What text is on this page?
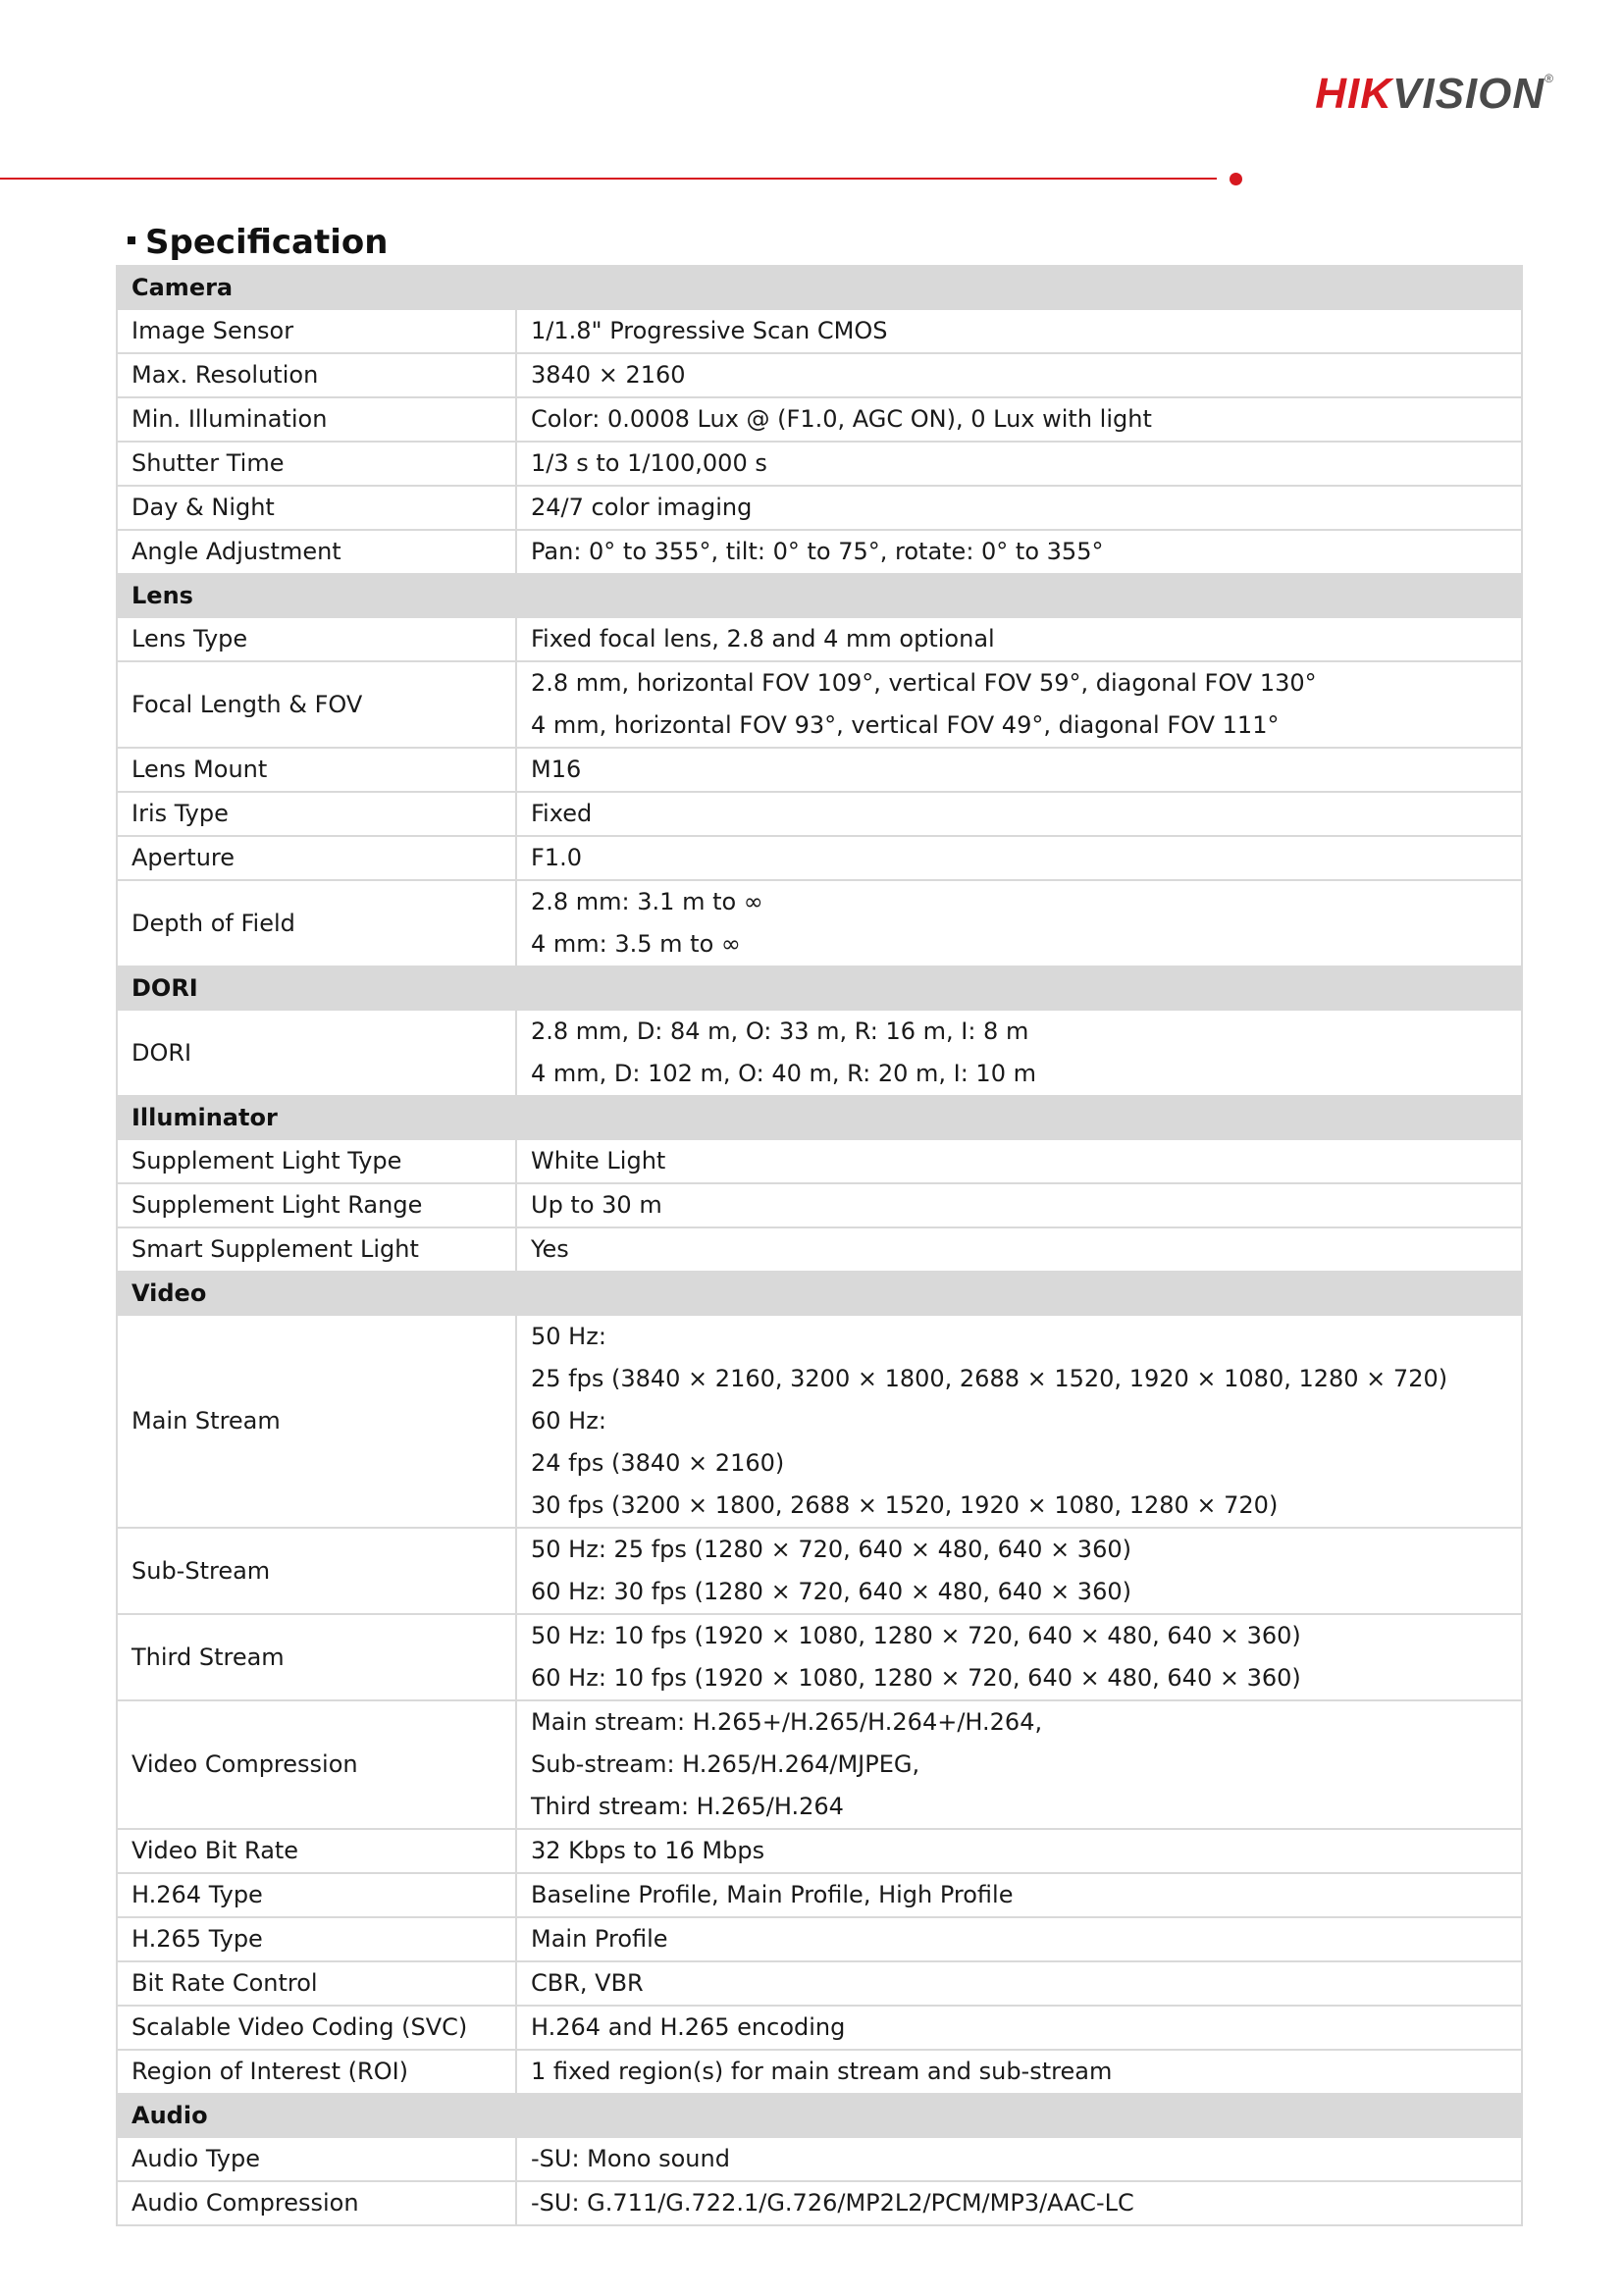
HIKVISION®
Specification
Camera	
Image Sensor	1/1.8" Progressive Scan CMOS

Max. Resolution	3840 × 2160

Min. Illumination	Color: 0.0008 Lux @ (F1.0, AGC ON), 0 Lux with light

Shutter Time	1/3 s to 1/100,000 s

Day & Night	24/7 color imaging

Angle Adjustment	Pan: 0° to 355°, tilt: 0° to 75°, rotate: 0° to 355°

Lens	
Lens Type	Fixed focal lens, 2.8 and 4 mm optional

Focal Length & FOV	2.8 mm, horizontal FOV 109°, vertical FOV 59°, diagonal FOV 130°
4 mm, horizontal FOV 93°, vertical FOV 49°, diagonal FOV 111°

Lens Mount	M16

Iris Type	Fixed

Aperture	F1.0

Depth of Field	2.8 mm: 3.1 m to ∞
4 mm: 3.5 m to ∞

DORI	
DORI	2.8 mm, D: 84 m, O: 33 m, R: 16 m, I: 8 m
4 mm, D: 102 m, O: 40 m, R: 20 m, I: 10 m

Illuminator	
Supplement Light Type	White Light

Supplement Light Range	Up to 30 m

Smart Supplement Light	Yes

Video	
Main Stream	50 Hz:
25 fps (3840 × 2160, 3200 × 1800, 2688 × 1520, 1920 × 1080, 1280 × 720)
60 Hz:
24 fps (3840 × 2160)
30 fps (3200 × 1800, 2688 × 1520, 1920 × 1080, 1280 × 720)

Sub-Stream	50 Hz: 25 fps (1280 × 720, 640 × 480, 640 × 360)
60 Hz: 30 fps (1280 × 720, 640 × 480, 640 × 360)

Third Stream	50 Hz: 10 fps (1920 × 1080, 1280 × 720, 640 × 480, 640 × 360)
60 Hz: 10 fps (1920 × 1080, 1280 × 720, 640 × 480, 640 × 360)

Video Compression	Main stream: H.265+/H.265/H.264+/H.264,
Sub-stream: H.265/H.264/MJPEG,
Third stream: H.265/H.264

Video Bit Rate	32 Kbps to 16 Mbps

H.264 Type	Baseline Profile, Main Profile, High Profile

H.265 Type	Main Profile

Bit Rate Control	CBR, VBR

Scalable Video Coding (SVC)	H.264 and H.265 encoding

Region of Interest (ROI)	1 fixed region(s) for main stream and sub-stream

Audio	
Audio Type	-SU: Mono sound

Audio Compression	-SU: G.711/G.722.1/G.726/MP2L2/PCM/MP3/AAC-LC
